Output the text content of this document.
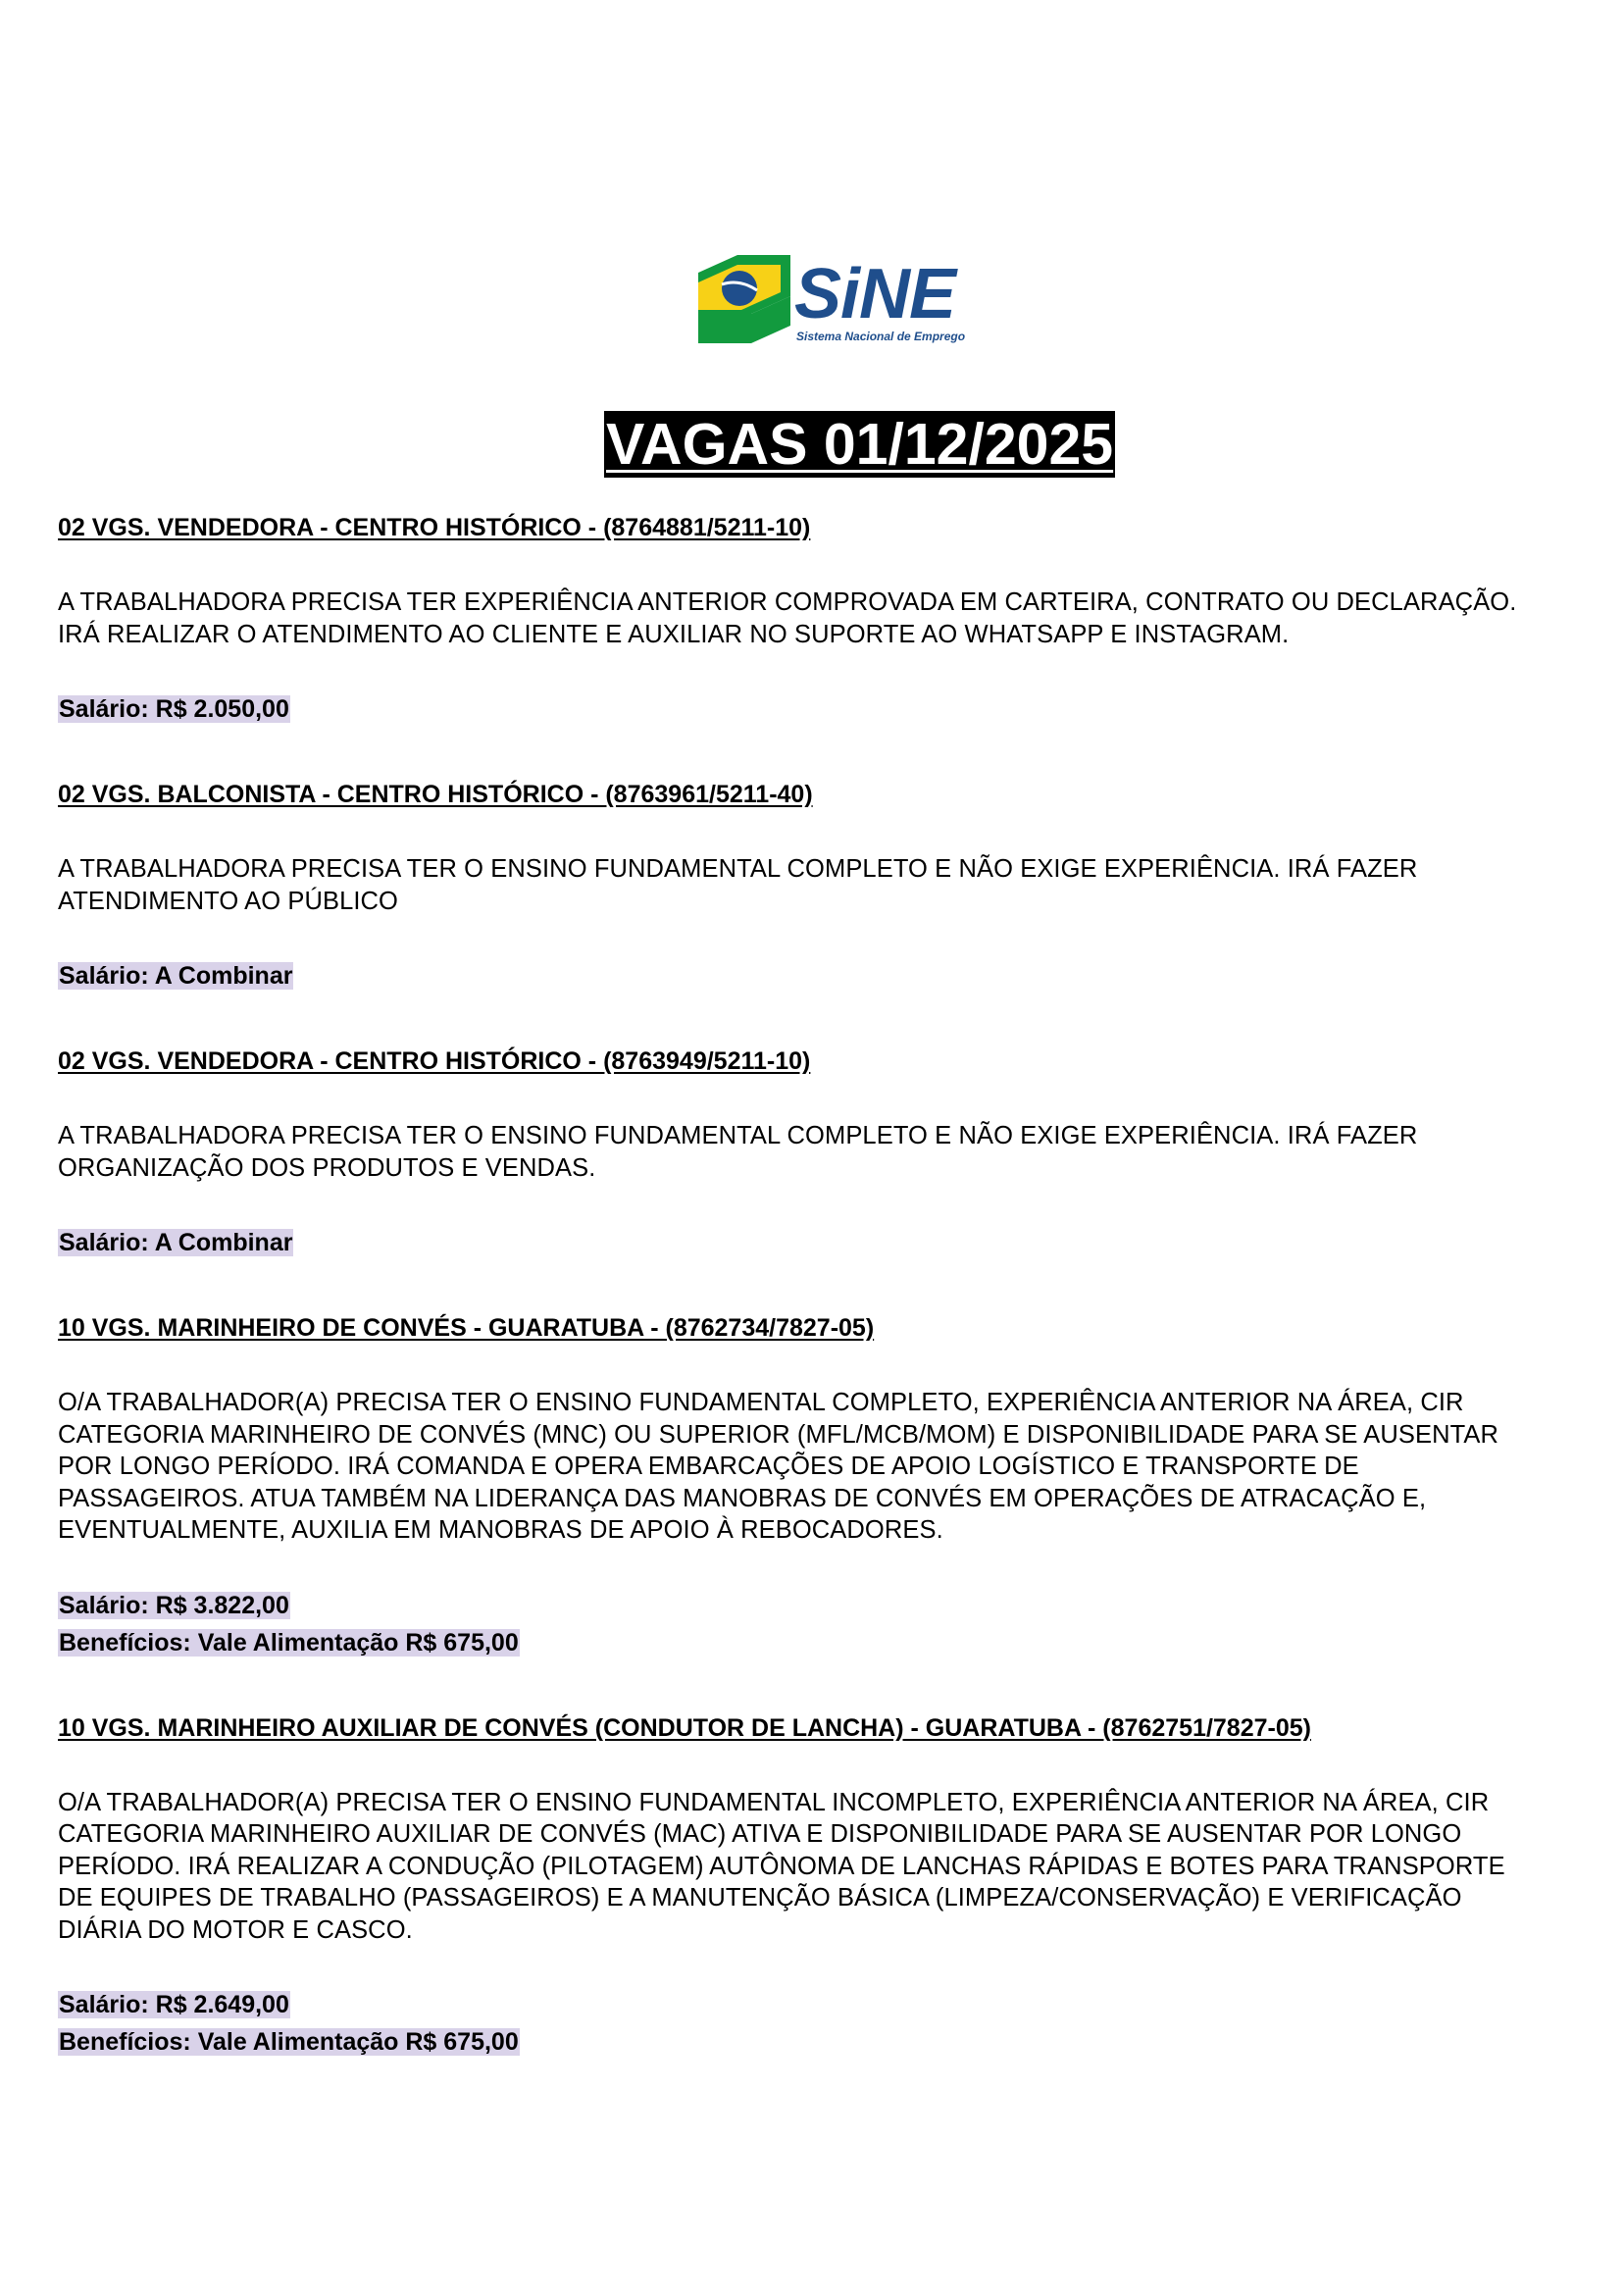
SiNE
Sistema Nacional de Emprego
VAGAS 01/12/2025

02 VGS. VENDEDORA - CENTRO HISTÓRICO - (8764881/5211-10)

A TRABALHADORA PRECISA TER EXPERIÊNCIA ANTERIOR COMPROVADA EM CARTEIRA, CONTRATO OU DECLARAÇÃO. IRÁ REALIZAR O ATENDIMENTO AO CLIENTE E AUXILIAR NO SUPORTE AO WHATSAPP E INSTAGRAM.

Salário: R$ 2.050,00

02 VGS. BALCONISTA - CENTRO HISTÓRICO - (8763961/5211-40)

A TRABALHADORA PRECISA TER O ENSINO FUNDAMENTAL COMPLETO E NÃO EXIGE EXPERIÊNCIA. IRÁ FAZER ATENDIMENTO AO PÚBLICO

Salário: A Combinar

02 VGS. VENDEDORA - CENTRO HISTÓRICO - (8763949/5211-10)

A TRABALHADORA PRECISA TER O ENSINO FUNDAMENTAL COMPLETO E NÃO EXIGE EXPERIÊNCIA. IRÁ FAZER ORGANIZAÇÃO DOS PRODUTOS E VENDAS.

Salário: A Combinar

10 VGS. MARINHEIRO DE CONVÉS - GUARATUBA - (8762734/7827-05)

O/A TRABALHADOR(A) PRECISA TER O ENSINO FUNDAMENTAL COMPLETO, EXPERIÊNCIA ANTERIOR NA ÁREA, CIR CATEGORIA MARINHEIRO DE CONVÉS (MNC) OU SUPERIOR (MFL/MCB/MOM) E DISPONIBILIDADE PARA SE AUSENTAR POR LONGO PERÍODO. IRÁ COMANDA E OPERA EMBARCAÇÕES DE APOIO LOGÍSTICO E TRANSPORTE DE PASSAGEIROS. ATUA TAMBÉM NA LIDERANÇA DAS MANOBRAS DE CONVÉS EM OPERAÇÕES DE ATRACAÇÃO E, EVENTUALMENTE, AUXILIA EM MANOBRAS DE APOIO À REBOCADORES.

Salário: R$ 3.822,00

Benefícios: Vale Alimentação R$ 675,00

10 VGS. MARINHEIRO AUXILIAR DE CONVÉS (CONDUTOR DE LANCHA) - GUARATUBA - (8762751/7827-05)

O/A TRABALHADOR(A) PRECISA TER O ENSINO FUNDAMENTAL INCOMPLETO, EXPERIÊNCIA ANTERIOR NA ÁREA, CIR CATEGORIA MARINHEIRO AUXILIAR DE CONVÉS (MAC) ATIVA E DISPONIBILIDADE PARA SE AUSENTAR POR LONGO PERÍODO. IRÁ REALIZAR A CONDUÇÃO (PILOTAGEM) AUTÔNOMA DE LANCHAS RÁPIDAS E BOTES PARA TRANSPORTE DE EQUIPES DE TRABALHO (PASSAGEIROS) E A MANUTENÇÃO BÁSICA (LIMPEZA/CONSERVAÇÃO) E VERIFICAÇÃO DIÁRIA DO MOTOR E CASCO.

Salário: R$ 2.649,00

Benefícios: Vale Alimentação R$ 675,00
